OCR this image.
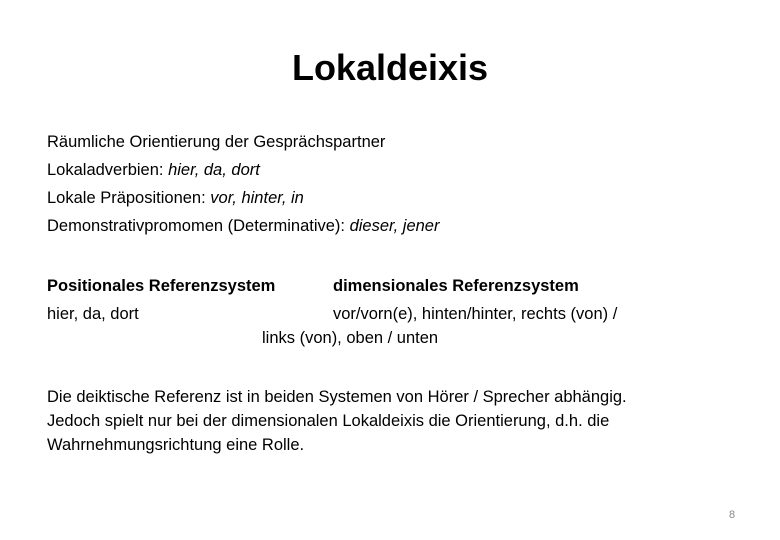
Lokaldeixis
Räumliche Orientierung der Gesprächspartner
Lokaladverbien: hier, da, dort
Lokale Präpositionen: vor, hinter, in
Demonstrativpromomen (Determinative): dieser, jener
Positionales Referenzsystem	dimensionales Referenzsystem
hier, da, dort	vor/vorn(e), hinten/hinter, rechts (von) /
links (von), oben / unten
Die deiktische Referenz ist in beiden Systemen von Hörer / Sprecher abhängig.
Jedoch spielt nur bei der dimensionalen Lokaldeixis die Orientierung, d.h. die
Wahrnehmungsrichtung eine Rolle.
8
